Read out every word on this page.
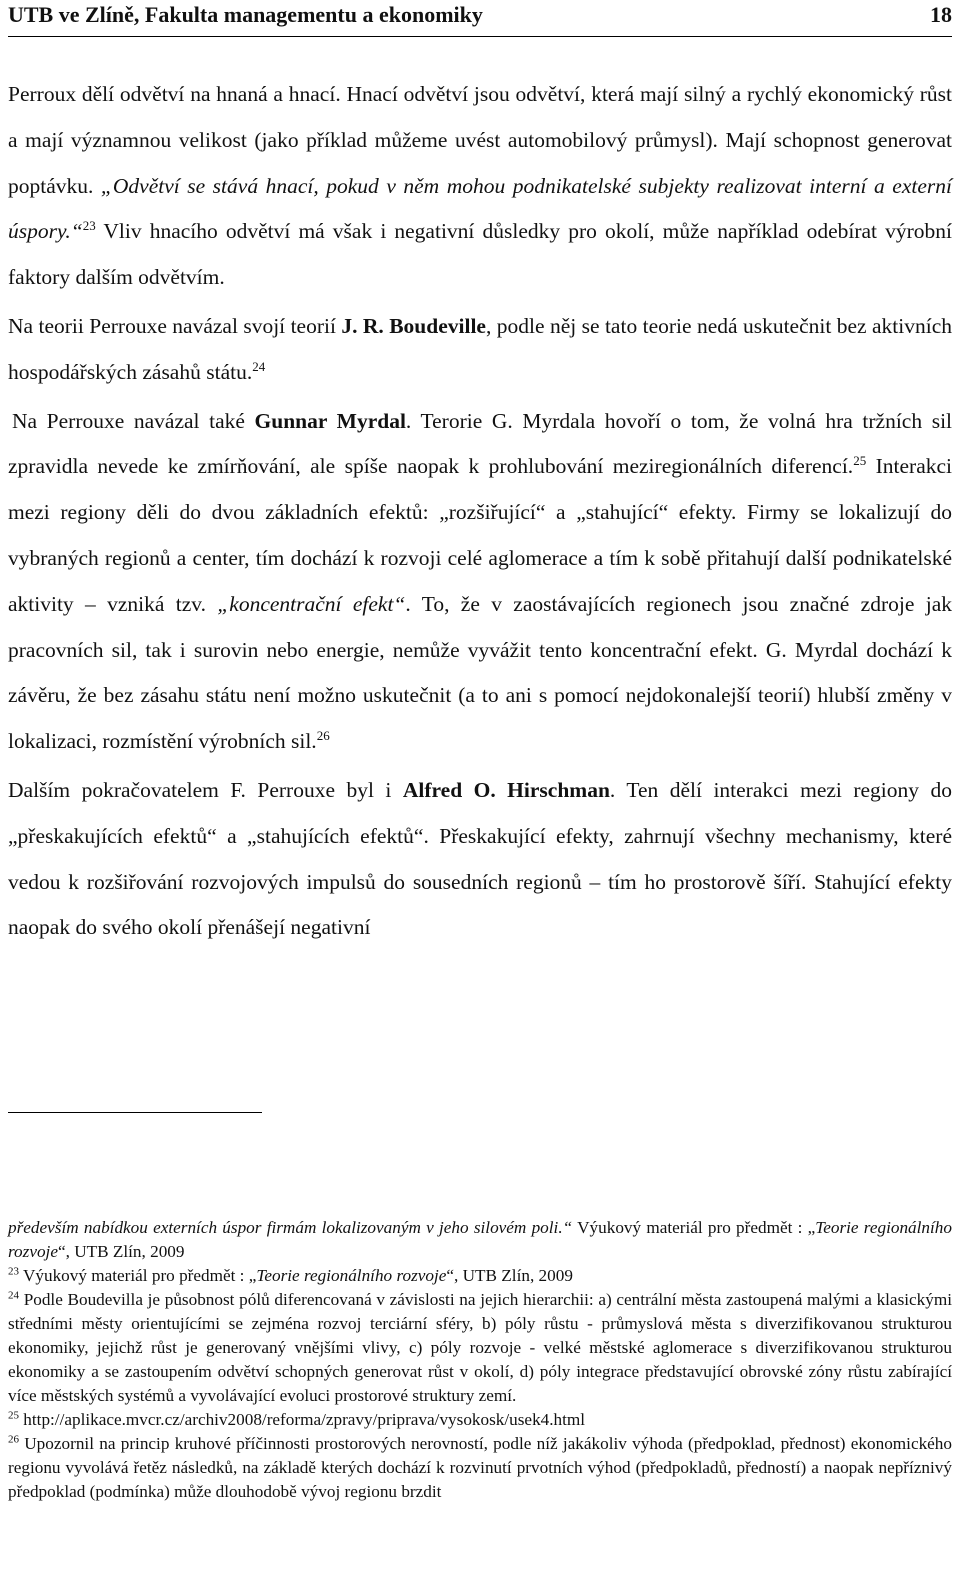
UTB ve Zlíně, Fakulta managementu a ekonomiky	18

Perroux dělí odvětví na hnaná a hnací. Hnací odvětví jsou odvětví, která mají silný a rychlý ekonomický růst a mají významnou velikost (jako příklad můžeme uvést automobilový průmysl). Mají schopnost generovat poptávku. „Odvětví se stává hnací, pokud v něm mohou podnikatelské subjekty realizovat interní a externí úspory.“$^{23}$ Vliv hnacího odvětví má však i negativní důsledky pro okolí, může například odebírat výrobní faktory dalším odvětvím.

Na teorii Perrouxe navázal svojí teorií J. R. Boudeville, podle něj se tato teorie nedá uskutečnit bez aktivních hospodářských zásahů státu.$^{24}$

Na Perrouxe navázal také Gunnar Myrdal. Terorie G. Myrdala hovoří o tom, že volná hra tržních sil zpravidla nevede ke zmírňování, ale spíše naopak k prohlubování meziregionálních diferencí.$^{25}$ Interakci mezi regiony děli do dvou základních efektů: „rozšiřující“ a „stahující“ efekty. Firmy se lokalizují do vybraných regionů a center, tím dochází k rozvoji celé aglomerace a tím k sobě přitahují další podnikatelské aktivity – vzniká tzv. „koncentrační efekt“. To, že v zaostávajících regionech jsou značné zdroje jak pracovních sil, tak i surovin nebo energie, nemůže vyvážit tento koncentrační efekt. G. Myrdal dochází k závěru, že bez zásahu státu není možno uskutečnit (a to ani s pomocí nejdokonalejší teorií) hlubší změny v lokalizaci, rozmístění výrobních sil.$^{26}$

Dalším pokračovatelem F. Perrouxe byl i Alfred O. Hirschman. Ten dělí interakci mezi regiony do „přeskakujících efektů“ a „stahujících efektů“. Přeskakující efekty, zahrnují všechny mechanismy, které vedou k rozšiřování rozvojových impulsů do sousedních regionů – tím ho prostorově šíří. Stahující efekty naopak do svého okolí přenášejí negativní

především nabídkou externích úspor firmám lokalizovaným v jeho silovém poli.“ Výukový materiál pro předmět : „Teorie regionálního rozvoje“, UTB Zlín, 2009

$^{23}$ Výukový materiál pro předmět : „Teorie regionálního rozvoje“, UTB Zlín, 2009

$^{24}$ Podle Boudevilla je působnost pólů diferencovaná v závislosti na jejich hierarchii: a) centrální města zastoupená malými a klasickými středními městy orientujícími se zejména rozvoj terciární sféry, b) póly růstu - průmyslová města s diverzifikovanou strukturou ekonomiky, jejichž růst je generovaný vnějšími vlivy, c) póly rozvoje - velké městské aglomerace s diverzifikovanou strukturou ekonomiky a se zastoupením odvětví schopných generovat růst v okolí, d) póly integrace představující obrovské zóny růstu zabírající více městských systémů a vyvolávající evoluci prostorové struktury zemí.

$^{25}$ http://aplikace.mvcr.cz/archiv2008/reforma/zpravy/priprava/vysokosk/usek4.html

$^{26}$ Upozornil na princip kruhové příčinnosti prostorových nerovností, podle níž jakákoliv výhoda (předpoklad, přednost) ekonomického regionu vyvolává řetěz následků, na základě kterých dochází k rozvinutí prvotních výhod (předpokladů, předností) a naopak nepříznivý předpoklad (podmínka) může dlouhodobě vývoj regionu brzdit
